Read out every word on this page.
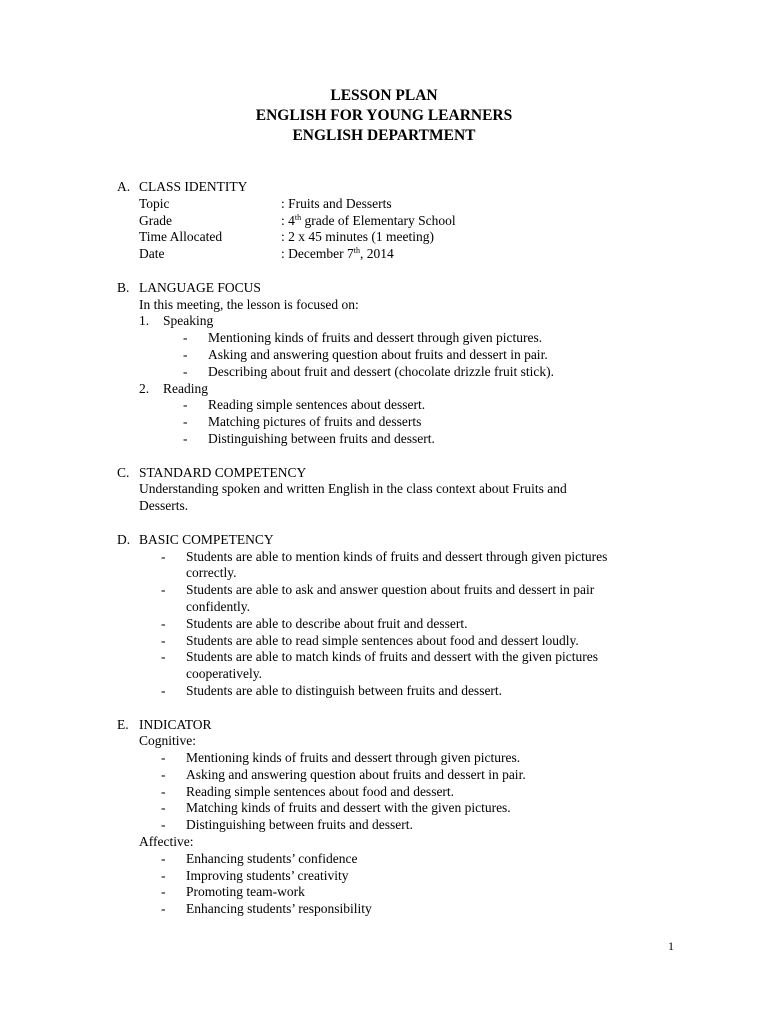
LESSON PLAN
ENGLISH FOR YOUNG LEARNERS
ENGLISH DEPARTMENT
A. CLASS IDENTITY
Topic	: Fruits and Desserts
Grade	: 4th grade of Elementary School
Time Allocated	: 2 x 45 minutes (1 meeting)
Date	: December 7th, 2014
B. LANGUAGE FOCUS
In this meeting, the lesson is focused on:
1. Speaking
- Mentioning kinds of fruits and dessert through given pictures.
- Asking and answering question about fruits and dessert in pair.
- Describing about fruit and dessert (chocolate drizzle fruit stick).
2. Reading
- Reading simple sentences about dessert.
- Matching pictures of fruits and desserts
- Distinguishing between fruits and dessert.
C. STANDARD COMPETENCY
Understanding spoken and written English in the class context about Fruits and
Desserts.
D. BASIC COMPETENCY
- Students are able to mention kinds of fruits and dessert through given pictures
correctly.
- Students are able to ask and answer question about fruits and dessert in pair
confidently.
- Students are able to describe about fruit and dessert.
- Students are able to read simple sentences about food and dessert loudly.
- Students are able to match kinds of fruits and dessert with the given pictures
cooperatively.
- Students are able to distinguish between fruits and dessert.
E. INDICATOR
Cognitive:
- Mentioning kinds of fruits and dessert through given pictures.
- Asking and answering question about fruits and dessert in pair.
- Reading simple sentences about food and dessert.
- Matching kinds of fruits and dessert with the given pictures.
- Distinguishing between fruits and dessert.
Affective:
- Enhancing students’ confidence
- Improving students’ creativity
- Promoting team-work
- Enhancing students’ responsibility
1
